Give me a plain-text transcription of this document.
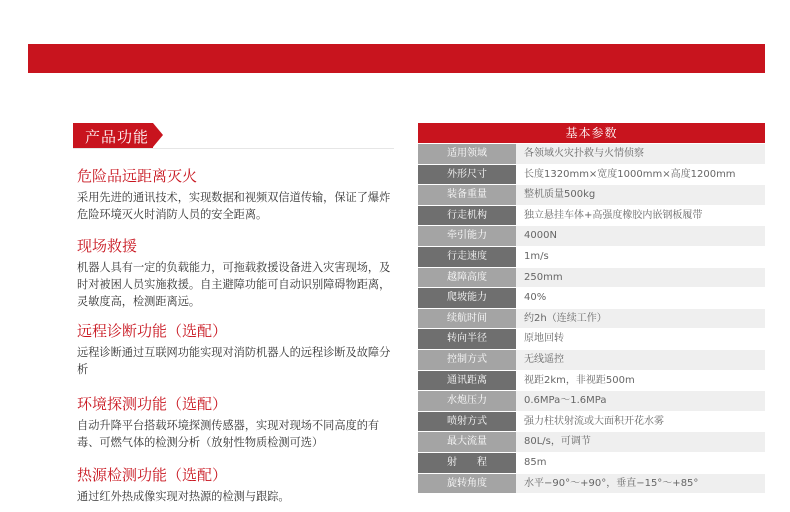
产品功能
危险品远距离灭火

采用先进的通讯技术，实现数据和视频双信道传输，保证了爆炸危险环境灭火时消防人员的安全距离。

现场救援

机器人具有一定的负载能力，可拖载救援设备进入灾害现场，及时对被困人员实施救援。自主避障功能可自动识别障碍物距离，灵敏度高，检测距离远。

远程诊断功能（选配）

远程诊断通过互联网功能实现对消防机器人的远程诊断及故障分析

环境探测功能（选配）

自动升降平台搭载环境探测传感器，实现对现场不同高度的有毒、可燃气体的检测分析（放射性物质检测可选）

热源检测功能（选配）

通过红外热成像实现对热源的检测与跟踪。

基本参数
适用领域	各领域火灾扑救与火情侦察
外形尺寸	长度1320mm×宽度1000mm×高度1200mm
装备重量	整机质量500kg
行走机构	独立悬挂车体+高强度橡胶内嵌钢板履带
牵引能力	4000N
行走速度	1m/s
越障高度	250mm
爬坡能力	40%
续航时间	约2h（连续工作）
转向半径	原地回转
控制方式	无线遥控
通讯距离	视距2km，非视距500m
水炮压力	0.6MPa～1.6MPa
喷射方式	强力柱状射流或大面积开花水雾
最大流量	80L/s，可调节
射　　程	85m
旋转角度	水平−90°～+90°，垂直−15°～+85°
